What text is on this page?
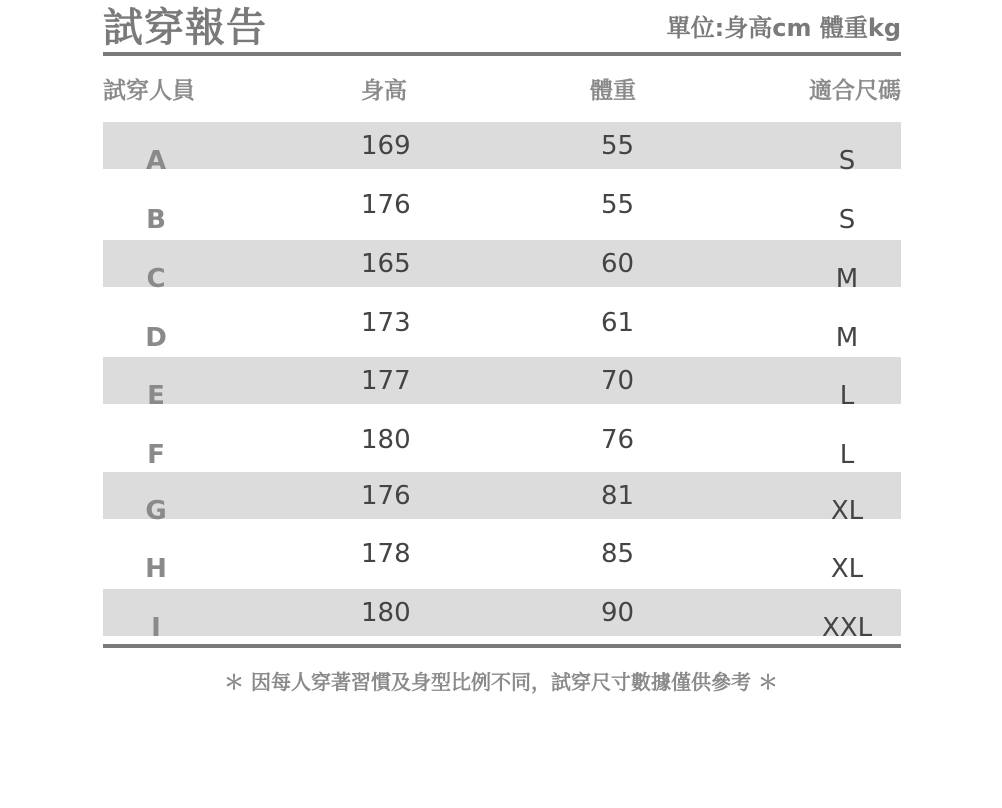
試穿報告	單位:身高cm 體重kg
試穿人員	身高	體重	適合尺碼
A	169	55	S
B	176	55	S
C	165	60	M
D	173	61	M
E	177	70	L
F	180	76	L
G	176	81	XL
H	178	85	XL
I	180	90	XXL
＊ 因每人穿著習慣及身型比例不同，試穿尺寸數據僅供參考 ＊
